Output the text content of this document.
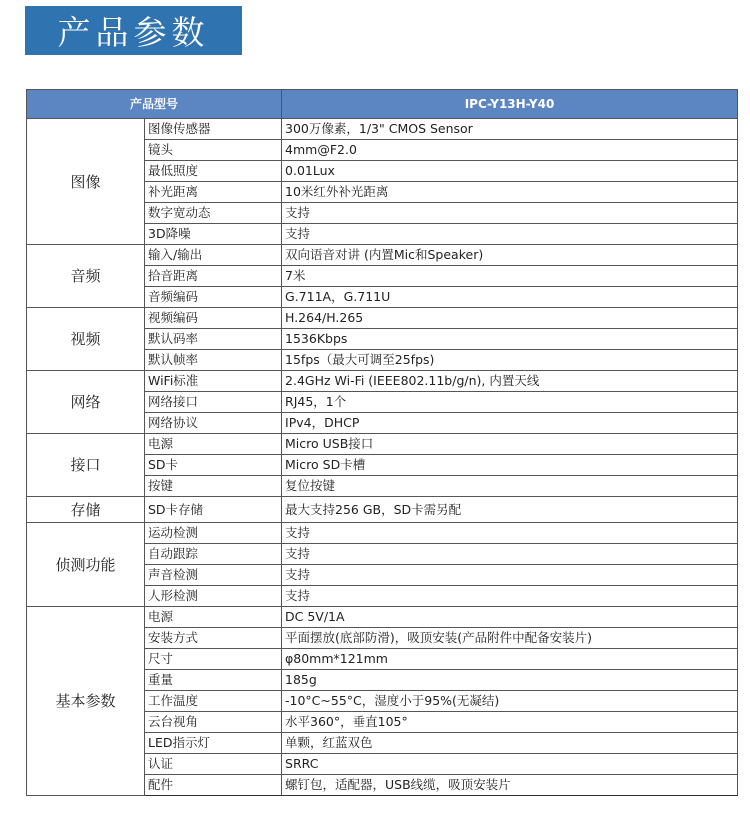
产品参数
产品型号		IPC-Y13H-Y40
图像	图像传感器	300万像素，1/3" CMOS Sensor
	镜头	4mm@F2.0
	最低照度	0.01Lux
	补光距离	10米红外补光距离
	数字宽动态	支持
	3D降噪	支持
音频	输入/输出	双向语音对讲 (内置Mic和Speaker)
	拾音距离	7米
	音频编码	G.711A，G.711U
视频	视频编码	H.264/H.265
	默认码率	1536Kbps
	默认帧率	15fps（最大可调至25fps)
网络	WiFi标准	2.4GHz Wi-Fi (IEEE802.11b/g/n), 内置天线
	网络接口	RJ45，1个
	网络协议	IPv4，DHCP
接口	电源	Micro USB接口
	SD卡	Micro SD卡槽
	按键	复位按键
存储	SD卡存储	最大支持256 GB，SD卡需另配
侦测功能	运动检测	支持
	自动跟踪	支持
	声音检测	支持
	人形检测	支持
基本参数	电源	DC 5V/1A
	安装方式	平面摆放(底部防滑)，吸顶安装(产品附件中配备安装片)
	尺寸	φ80mm*121mm
	重量	185g
	工作温度	-10°C~55°C，湿度小于95%(无凝结)
	云台视角	水平360°，垂直105°
	LED指示灯	单颗，红蓝双色
	认证	SRRC
	配件	螺钉包，适配器，USB线缆，吸顶安装片
